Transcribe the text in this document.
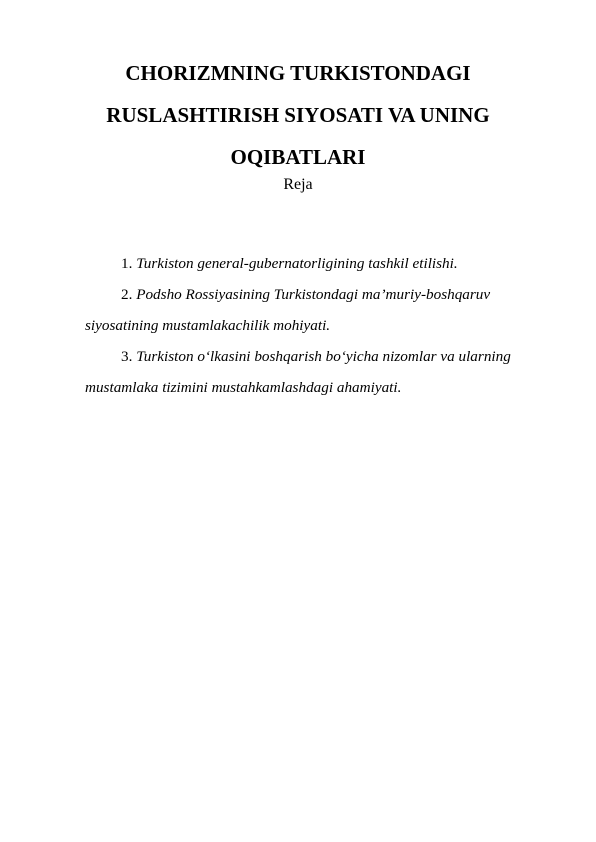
CHORIZMNING TURKISTONDAGI
RUSLASHTIRISH SIYOSATI VA UNING
OQIBATLARI

Reja

1. Turkiston general-gubernatorligining tashkil etilishi.
2. Podsho Rossiyasining Turkistondagi ma’muriy-boshqaruv siyosatining mustamlakachilik mohiyati.
3. Turkiston o‘lkasini boshqarish bo‘yicha nizomlar va ularning mustamlaka tizimini mustahkamlashdagi ahamiyati.
